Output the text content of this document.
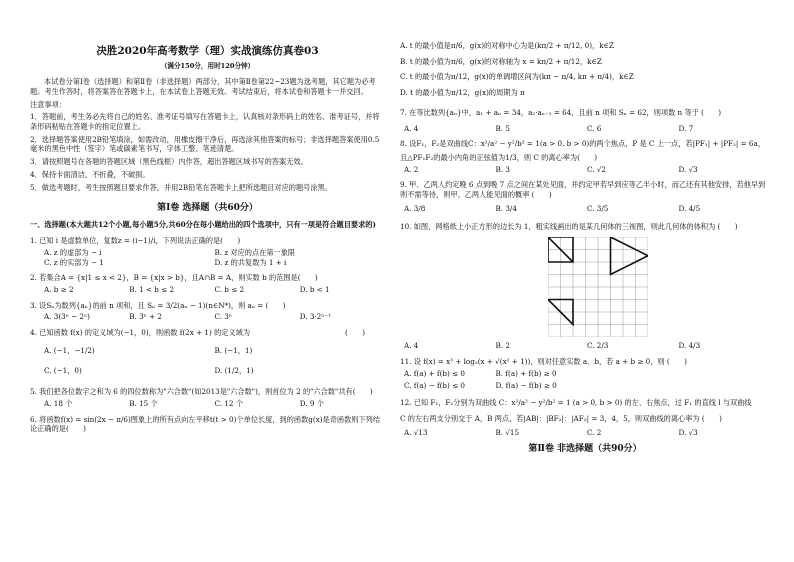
决胜2020年高考数学（理）实战演练仿真卷03

（满分150分，用时120分钟）

本试卷分第Ⅰ卷（选择题）和第Ⅱ卷（非选择题）两部分，其中第Ⅱ卷第22~23题为选考题，其它题为必考题。考生作答时，将答案答在答题卡上，在本试卷上答题无效。考试结束后，将本试卷和答题卡一并交回。

注意事项：

1．答题前，考生务必先将自己的姓名、准考证号填写在答题卡上，认真核对条形码上的姓名、准考证号，并将条形码粘贴在答题卡的指定位置上。

2．选择题答案使用2B铅笔填涂，如需改动，用橡皮擦干净后，再选涂其他答案的标号；非选择题答案使用0.5毫米的黑色中性（签字）笔或碳素笔书写，字体工整、笔迹清楚。

3．请按照题号在各题的答题区域（黑色线框）内作答，超出答题区域书写的答案无效。

4．保持卡面清洁，不折叠，不破损。

5．做选考题时，考生按照题目要求作答，并用2B铅笔在答题卡上把所选题目对应的题号涂黑。

第Ⅰ卷 选择题（共60分）

一、选择题(本大题共12个小题,每小题5分,共60分在每小题给出的四个选项中，只有一项是符合题目要求的)

1. 已知 i 是虚数单位，复数z = (i−1)/i，下列说法正确的是(　　)

A. z 的虚部为 − i	B. z 对应的点在第一象限
C. z 的实部为 − 1	D. z 的共复数为 1 + i

2. 若集合A = {x|1 ≤ x < 2}，B = {x|x > b}，且A∩B = A，则实数 b 的范围是(　　)

A. b ≥ 2	B. 1 < b ≤ 2	C. b ≤ 2	D. b < 1

3. 设Sₙ为数列{aₙ}的前 n 项和，且 Sₙ = 3/2(aₙ − 1)(n∈N*)，则 aₙ = (　　)

A. 3(3ⁿ − 2ⁿ)	B. 3ⁿ + 2	C. 3ⁿ	D. 3·2ⁿ⁻¹

4. 已知函数 f(x) 的定义域为(−1，0)，则函数 f(2x + 1) 的定义域为	(　　)

A. (−1，−1/2)	B. (−1，1)
C. (−1，0)	D. (1/2，1)

5. 我们把各位数字之和为 6 的四位数称为"六合数"(如2013是"六合数")，则首位为 2 的"六合数"共有(　　)

A. 18 个	B. 15 个	C. 12 个	D. 9 个

6. 将函数f(x) = sin(2x − π/6)图象上的所有点向左平移t(t > 0)个单位长度，到的函数g(x)是奇函数则下列结论正确的是(　　)

A. t 的最小值是π/6，g(x)的对称中心为是(kπ/2 + π/12, 0)，k∈Z

B. t 的最小值为π/6，g(x)的对称轴为 x = kπ/2 + π/12，k∈Z

C. t 的最小值为π/12，g(x)的单调增区间为(kπ − π/4, kπ + π/4)，k∈Z

D. t 的最小值为π/12，g(x)的周期为 π

7. 在等比数列{aₙ}中，a₁ + aₙ = 34，a₂·aₙ₋₁ = 64，且前 n 项和 Sₙ = 62，则项数 n 等于 (　　)

A. 4	B. 5	C. 6	D. 7

8. 设F₁，F₂是双曲线C：x²/a² − y²/b² = 1(a > 0, b > 0)的两个焦点，P 是 C 上一点，若|PF₁| + |PF₂| = 6a，

且△PF₁F₂的最小内角的正弦值为1/3，则 C 的离心率为(　　)

A. 2	B. 3	C. √2	D. √3

9. 甲、乙两人约定晚 6 点到晚 7 点之间在某处见面，并约定甲若早到应等乙半小时，而乙还有其他安排，若他早到则不需等待，则甲、乙两人能见面的概率 (　　)

A. 3/8	B. 3/4	C. 3/5	D. 4/5

10. 如图，网格纸上小正方形的边长为 1，粗实线画出的是某几何体的三视图，则此几何体的体积为 (　　)

A. 4	B. 2	C. 2/3	D. 4/3

11. 设 f(x) = x³ + log₂(x + √(x² + 1))，则对任意实数 a、b，若 a + b ≥ 0，则 (　　)

A. f(a) + f(b) ≤ 0	B. f(a) + f(b) ≥ 0
C. f(a) − f(b) ≤ 0	D. f(a) − f(b) ≥ 0

12. 已知 F₁，F₂分别为双曲线 C：x²/a² − y²/b² = 1 (a > 0, b > 0) 的左、右焦点，过 F₁ 的直线 l 与双曲线

C 的左右两支分别交于 A，B 两点，若|AB|：|BF₂|：|AF₂| = 3，4，5，则双曲线的离心率为 (　　)

A. √13	B. √15	C. 2	D. √3

第Ⅱ卷 非选择题（共90分）
